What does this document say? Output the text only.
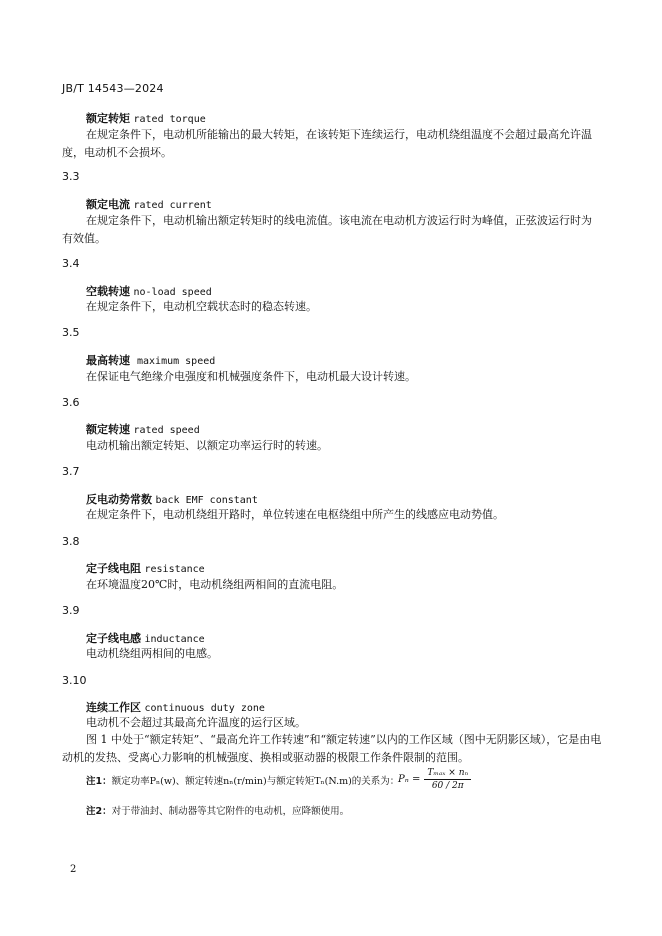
JB/T 14543—2024
额定转矩 rated torque

在规定条件下，电动机所能输出的最大转矩，在该转矩下连续运行，电动机绕组温度不会超过最高允许温度，电动机不会损坏。

3.3
额定电流 rated current

在规定条件下，电动机输出额定转矩时的线电流值。该电流在电动机方波运行时为峰值，正弦波运行时为有效值。

3.4
空载转速 no-load speed

在规定条件下，电动机空载状态时的稳态转速。

3.5
最高转速 maximum speed

在保证电气绝缘介电强度和机械强度条件下，电动机最大设计转速。

3.6
额定转速 rated speed

电动机输出额定转矩、以额定功率运行时的转速。

3.7
反电动势常数 back EMF constant

在规定条件下，电动机绕组开路时，单位转速在电枢绕组中所产生的线感应电动势值。

3.8
定子线电阻 resistance

在环境温度20℃时，电动机绕组两相间的直流电阻。

3.9
定子线电感 inductance

电动机绕组两相间的电感。

3.10
连续工作区 continuous duty zone

电动机不会超过其最高允许温度的运行区域。

图 1 中处于“额定转矩”、“最高允许工作转速”和“额定转速”以内的工作区域（图中无阴影区域），它是由电动机的发热、受离心力影响的机械强度、换相或驱动器的极限工作条件限制的范围。

注1：额定功率Pₙ(w)、额定转速nₙ(r/min)与额定转矩Tₙ(N.m)的关系为：
$P_n = \frac{\text{Tₘₐₓ × nₙ}}{60 / 2\pi}$
注2：对于带油封、制动器等其它附件的电动机，应降额使用。
2
